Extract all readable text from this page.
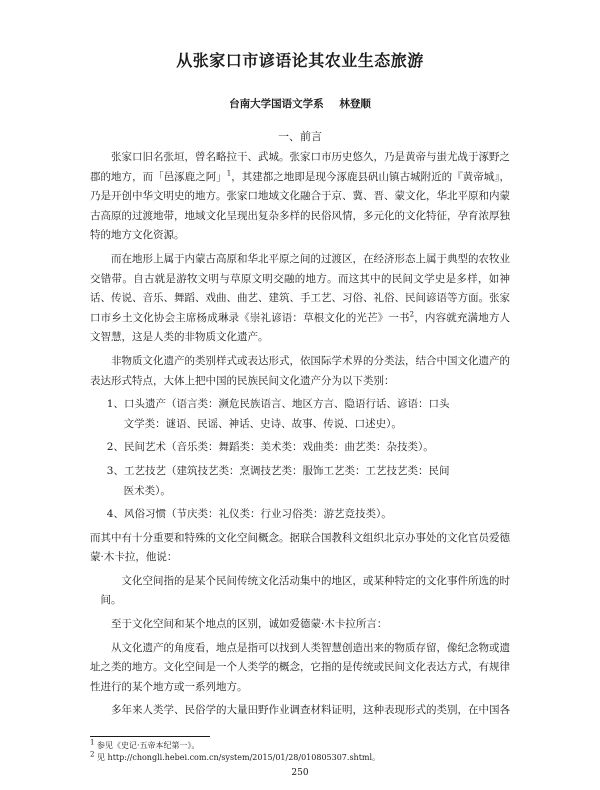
从张家口市谚语论其农业生态旅游
台南大学国语文学系 林登顺
一、前言

张家口旧名张垣，曾名略拉干、武城。张家口市历史悠久，乃是黄帝与蚩尤战于涿野之郡的地方，而「邑涿鹿之阿」$^1$，其建都之地即是现今涿鹿县矾山镇古城附近的『黄帝城』，乃是开创中华文明史的地方。张家口地域文化融合于京、冀、晋、蒙文化，华北平原和内蒙古高原的过渡地带，地域文化呈现出复杂多样的民俗风情，多元化的文化特征，孕育浓厚独特的地方文化资源。

而在地形上属于内蒙古高原和华北平原之间的过渡区，在经济形态上属于典型的农牧业交错带。自古就是游牧文明与草原文明交融的地方。而这其中的民间文学史是多样，如神话、传说、音乐、舞蹈、戏曲、曲艺、建筑、手工艺、习俗、礼俗、民间谚语等方面。张家口市乡土文化协会主席杨成琳录《崇礼谚语：草根文化的光芒》一书$^2$，内容就充满地方人文智慧，这是人类的非物质文化遗产。

非物质文化遗产的类别样式或表达形式，依国际学术界的分类法，结合中国文化遗产的表达形式特点，大体上把中国的民族民间文化遗产分为以下类别：

1、口头遗产（语言类：濒危民族语言、地区方言、隐语行话、谚语：口头
文学类：谜语、民谣、神话、史诗、故事、传说、口述史）。
2、民间艺术（音乐类：舞蹈类：美术类：戏曲类：曲艺类：杂技类）。
3、工艺技艺（建筑技艺类：烹调技艺类：服饰工艺类：工艺技艺类：民间
医术类）。
4、风俗习惯（节庆类：礼仪类：行业习俗类：游艺竞技类）。

而其中有十分重要和特殊的文化空间概念。据联合国教科文组织北京办事处的文化官员爱德蒙·木卡拉，他说：

文化空间指的是某个民间传统文化活动集中的地区，或某种特定的文化事件所选的时间。

至于文化空间和某个地点的区别，诚如爱德蒙·木卡拉所言：

从文化遗产的角度看，地点是指可以找到人类智慧创造出来的物质存留，像纪念物或遗址之类的地方。文化空间是一个人类学的概念，它指的是传统或民间文化表达方式，有规律性进行的某个地方或一系列地方。

多年来人类学、民俗学的大量田野作业调查材料证明，这种表现形式的类别，在中国各

$^1$ 参见《史记·五帝本纪第一》。
$^2$ 见 http://chongli.hebei.com.cn/system/2015/01/28/010805307.shtml。
250
